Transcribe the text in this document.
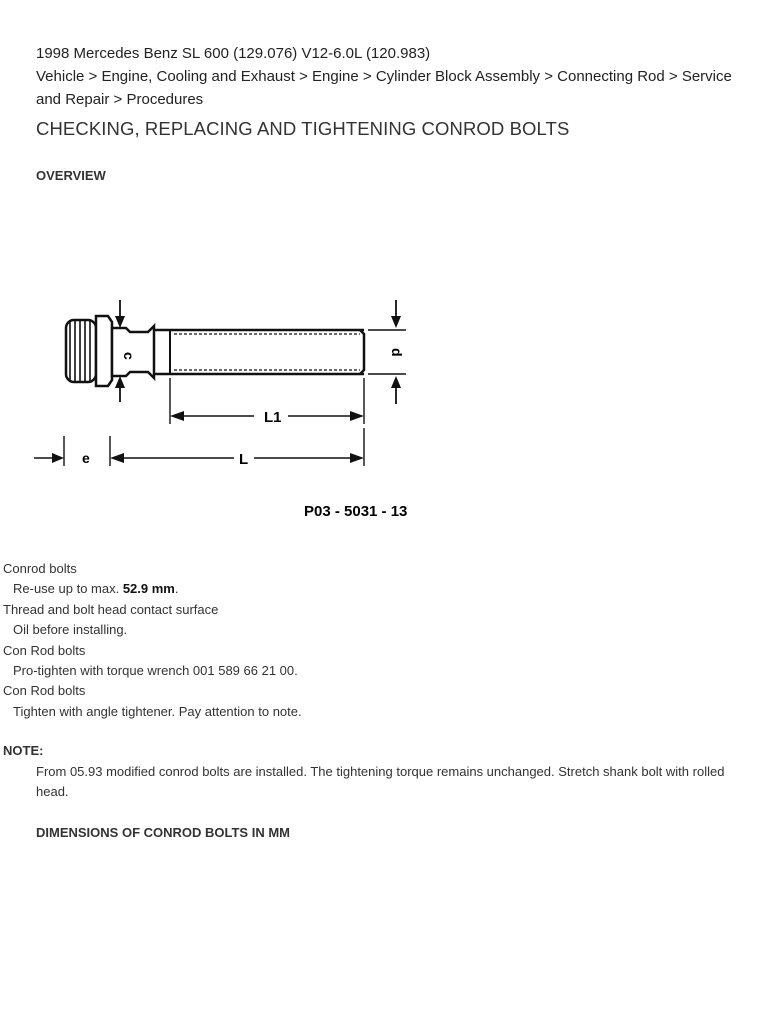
1998 Mercedes Benz SL 600 (129.076) V12-6.0L (120.983)

Vehicle > Engine, Cooling and Exhaust > Engine > Cylinder Block Assembly > Connecting Rod > Service and Repair > Procedures

CHECKING, REPLACING AND TIGHTENING CONROD BOLTS

OVERVIEW

c	d
L1
e	L
P03 - 5031 - 13

Conrod bolts

Re-use up to max. 52.9 mm.

Thread and bolt head contact surface

Oil before installing.

Con Rod bolts

Pro-tighten with torque wrench 001 589 66 21 00.

Con Rod bolts

Tighten with angle tightener. Pay attention to note.

NOTE:

From 05.93 modified conrod bolts are installed. The tightening torque remains unchanged. Stretch shank bolt with rolled head.

DIMENSIONS OF CONROD BOLTS IN MM
